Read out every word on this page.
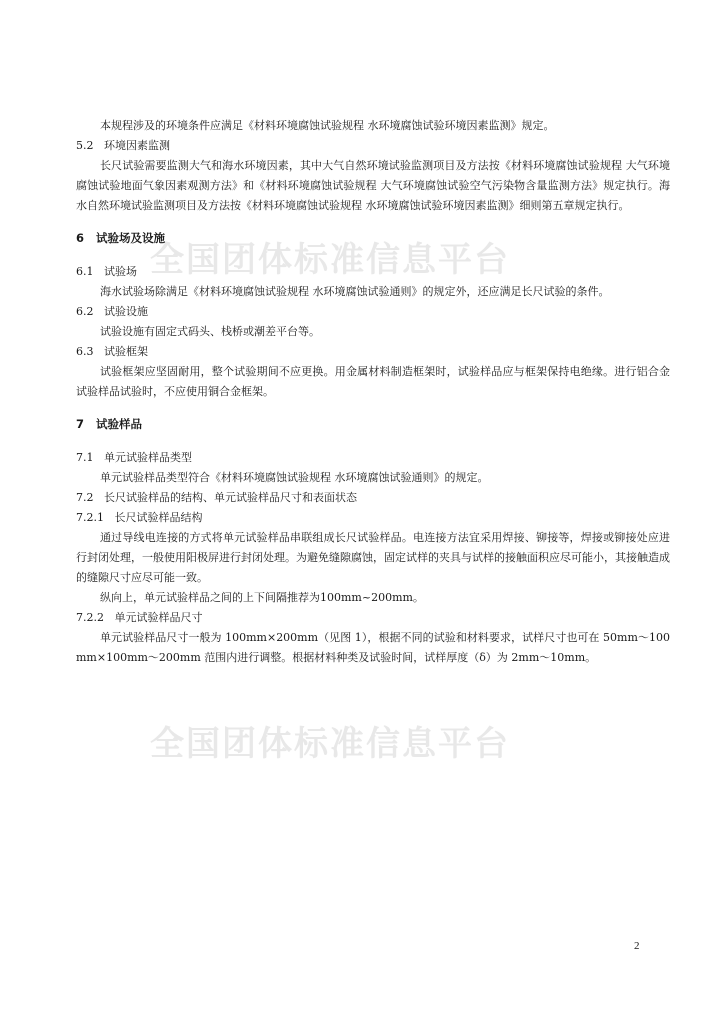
全国团体标准信息平台
全国团体标准信息平台

本规程涉及的环境条件应满足《材料环境腐蚀试验规程 水环境腐蚀试验环境因素监测》规定。

5.2   环境因素监测

长尺试验需要监测大气和海水环境因素，其中大气自然环境试验监测项目及方法按《材料环境腐蚀试验规程 大气环境腐蚀试验地面气象因素观测方法》和《材料环境腐蚀试验规程 大气环境腐蚀试验空气污染物含量监测方法》规定执行。海水自然环境试验监测项目及方法按《材料环境腐蚀试验规程 水环境腐蚀试验环境因素监测》细则第五章规定执行。

6   试验场及设施

6.1   试验场

海水试验场除满足《材料环境腐蚀试验规程 水环境腐蚀试验通则》的规定外，还应满足长尺试验的条件。

6.2   试验设施

试验设施有固定式码头、栈桥或潮差平台等。

6.3   试验框架

试验框架应坚固耐用，整个试验期间不应更换。用金属材料制造框架时，试验样品应与框架保持电绝缘。进行铝合金试验样品试验时，不应使用铜合金框架。

7   试验样品

7.1   单元试验样品类型

单元试验样品类型符合《材料环境腐蚀试验规程 水环境腐蚀试验通则》的规定。

7.2   长尺试验样品的结构、单元试验样品尺寸和表面状态

7.2.1   长尺试验样品结构

通过导线电连接的方式将单元试验样品串联组成长尺试验样品。电连接方法宜采用焊接、铆接等，焊接或铆接处应进行封闭处理，一般使用阳极屏进行封闭处理。为避免缝隙腐蚀，固定试样的夹具与试样的接触面积应尽可能小，其接触造成的缝隙尺寸应尽可能一致。

纵向上，单元试验样品之间的上下间隔推荐为100mm~200mm。

7.2.2   单元试验样品尺寸

单元试验样品尺寸一般为 100mm×200mm（见图 1），根据不同的试验和材料要求，试样尺寸也可在 50mm～100 mm×100mm～200mm 范围内进行调整。根据材料种类及试验时间，试样厚度（δ）为 2mm～10mm。

2
